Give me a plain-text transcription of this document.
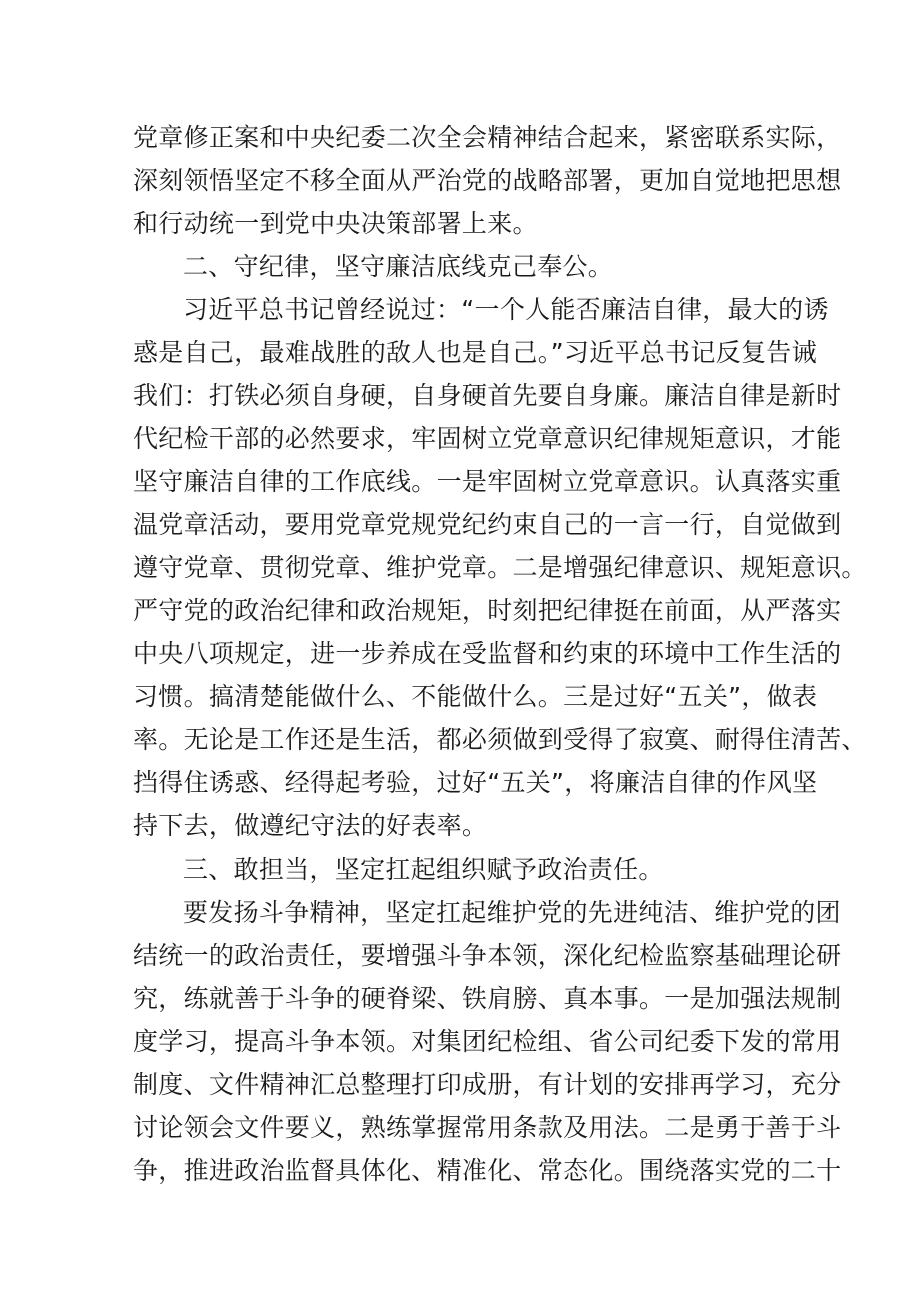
党章修正案和中央纪委二次全会精神结合起来，紧密联系实际，
深刻领悟坚定不移全面从严治党的战略部署，更加自觉地把思想
和行动统一到党中央决策部署上来。
二、守纪律，坚守廉洁底线克己奉公。
习近平总书记曾经说过：“一个人能否廉洁自律，最大的诱
惑是自己，最难战胜的敌人也是自己。”习近平总书记反复告诫
我们：打铁必须自身硬，自身硬首先要自身廉。廉洁自律是新时
代纪检干部的必然要求，牢固树立党章意识纪律规矩意识，才能
坚守廉洁自律的工作底线。一是牢固树立党章意识。认真落实重
温党章活动，要用党章党规党纪约束自己的一言一行，自觉做到
遵守党章、贯彻党章、维护党章。二是增强纪律意识、规矩意识。
严守党的政治纪律和政治规矩，时刻把纪律挺在前面，从严落实
中央八项规定，进一步养成在受监督和约束的环境中工作生活的
习惯。搞清楚能做什么、不能做什么。三是过好“五关”，做表
率。无论是工作还是生活，都必须做到受得了寂寞、耐得住清苦、
挡得住诱惑、经得起考验，过好“五关”，将廉洁自律的作风坚
持下去，做遵纪守法的好表率。
三、敢担当，坚定扛起组织赋予政治责任。
要发扬斗争精神，坚定扛起维护党的先进纯洁、维护党的团
结统一的政治责任，要增强斗争本领，深化纪检监察基础理论研
究，练就善于斗争的硬脊梁、铁肩膀、真本事。一是加强法规制
度学习，提高斗争本领。对集团纪检组、省公司纪委下发的常用
制度、文件精神汇总整理打印成册，有计划的安排再学习，充分
讨论领会文件要义，熟练掌握常用条款及用法。二是勇于善于斗
争，推进政治监督具体化、精准化、常态化。围绕落实党的二十
